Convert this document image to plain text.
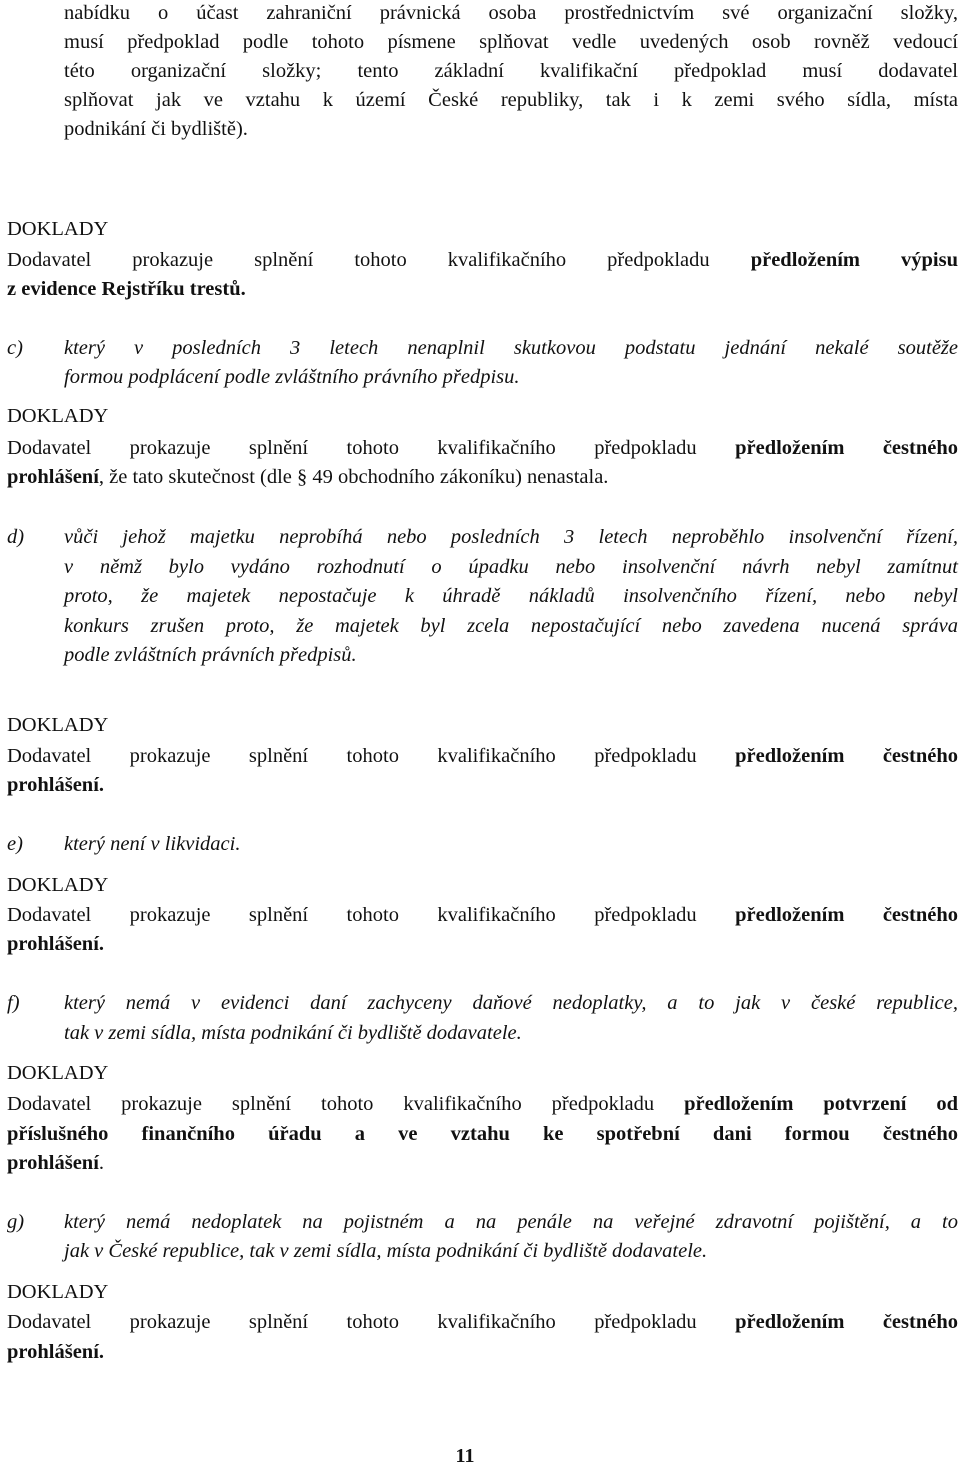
nabídku o účast zahraniční právnická osoba prostřednictvím své organizační složky,
musí předpoklad podle tohoto písmene splňovat vedle uvedených osob rovněž vedoucí
této organizační složky; tento základní kvalifikační předpoklad musí dodavatel
splňovat jak ve vztahu k území České republiky, tak i k zemi svého sídla, místa
podnikání či bydliště).
DOKLADY
Dodavatel prokazuje splnění tohoto kvalifikačního předpokladu předložením výpisu
z evidence Rejstříku trestů.
c) který v posledních 3 letech nenaplnil skutkovou podstatu jednání nekalé soutěže
formou podplácení podle zvláštního právního předpisu.
DOKLADY
Dodavatel prokazuje splnění tohoto kvalifikačního předpokladu předložením čestného
prohlášení, že tato skutečnost (dle § 49 obchodního zákoníku) nenastala.
d) vůči jehož majetku neprobíhá nebo posledních 3 letech neproběhlo insolvenční řízení,
v němž bylo vydáno rozhodnutí o úpadku nebo insolvenční návrh nebyl zamítnut
proto, že majetek nepostačuje k úhradě nákladů insolvenčního řízení, nebo nebyl
konkurs zrušen proto, že majetek byl zcela nepostačující nebo zavedena nucená správa
podle zvláštních právních předpisů.
DOKLADY
Dodavatel prokazuje splnění tohoto kvalifikačního předpokladu předložením čestného
prohlášení.
e) který není v likvidaci.
DOKLADY
Dodavatel prokazuje splnění tohoto kvalifikačního předpokladu předložením čestného
prohlášení.
f) který nemá v evidenci daní zachyceny daňové nedoplatky, a to jak v české republice,
tak v zemi sídla, místa podnikání či bydliště dodavatele.
DOKLADY
Dodavatel prokazuje splnění tohoto kvalifikačního předpokladu předložením potvrzení od
příslušného finančního úřadu a ve vztahu ke spotřební dani formou čestného
prohlášení.
g) který nemá nedoplatek na pojistném a na penále na veřejné zdravotní pojištění, a to
jak v České republice, tak v zemi sídla, místa podnikání či bydliště dodavatele.
DOKLADY
Dodavatel prokazuje splnění tohoto kvalifikačního předpokladu předložením čestného
prohlášení.
11
